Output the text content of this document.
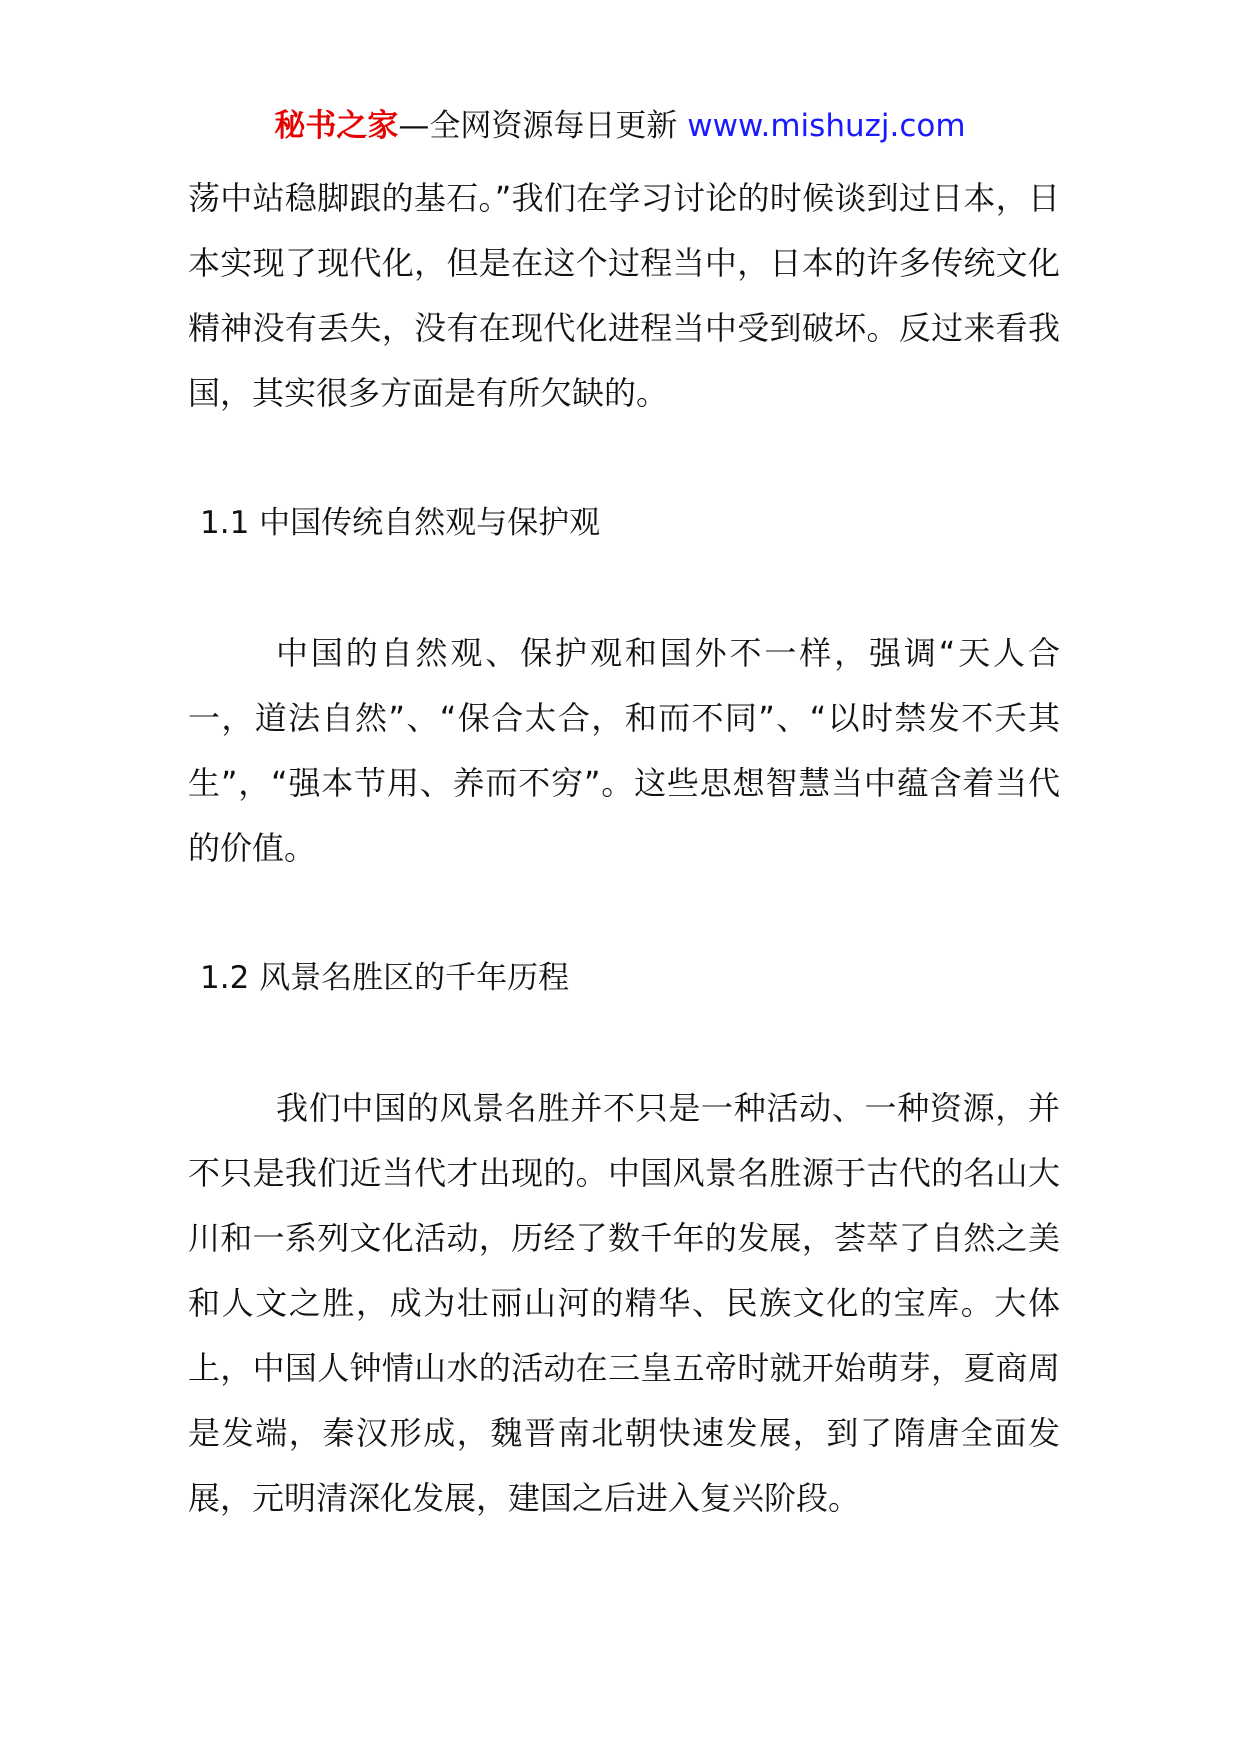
秘书之家—全网资源每日更新 www.mishuzj.com

荡中站稳脚跟的基石。”我们在学习讨论的时候谈到过日本，日本实现了现代化，但是在这个过程当中，日本的许多传统文化精神没有丢失，没有在现代化进程当中受到破坏。反过来看我国，其实很多方面是有所欠缺的。

1.1 中国传统自然观与保护观

中国的自然观、保护观和国外不一样，强调“天人合一，道法自然”、“保合太合，和而不同”、“以时禁发不夭其生”，“强本节用、养而不穷”。这些思想智慧当中蕴含着当代的价值。

1.2 风景名胜区的千年历程

我们中国的风景名胜并不只是一种活动、一种资源，并不只是我们近当代才出现的。中国风景名胜源于古代的名山大川和一系列文化活动，历经了数千年的发展，荟萃了自然之美和人文之胜，成为壮丽山河的精华、民族文化的宝库。大体上，中国人钟情山水的活动在三皇五帝时就开始萌芽，夏商周是发端，秦汉形成，魏晋南北朝快速发展，到了隋唐全面发展，元明清深化发展，建国之后进入复兴阶段。
